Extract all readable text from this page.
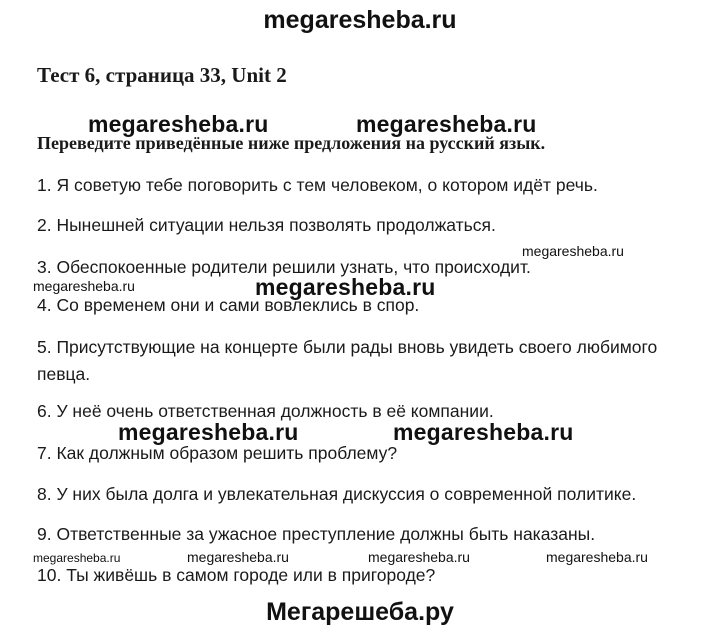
megaresheba.ru
Тест 6, страница 33, Unit 2
megaresheba.ru	megaresheba.ru
Переведите приведённые ниже предложения на русский язык.
1. Я советую тебе поговорить с тем человеком, о котором идёт речь.
2. Нынешней ситуации нельзя позволять продолжаться.
megaresheba.ru
3. Обеспокоенные родители решили узнать, что происходит.
megaresheba.ru	megaresheba.ru
4. Со временем они и сами вовлеклись в спор.
5. Присутствующие на концерте были рады вновь увидеть своего любимого певца.
6. У неё очень ответственная должность в её компании.
megaresheba.ru	megaresheba.ru
7. Как должным образом решить проблему?
8. У них была долга и увлекательная дискуссия о современной политике.
9. Ответственные за ужасное преступление должны быть наказаны.
megaresheba.ru	megaresheba.ru	megaresheba.ru	megaresheba.ru
10. Ты живёшь в самом городе или в пригороде?
Мегарешеба.ру
